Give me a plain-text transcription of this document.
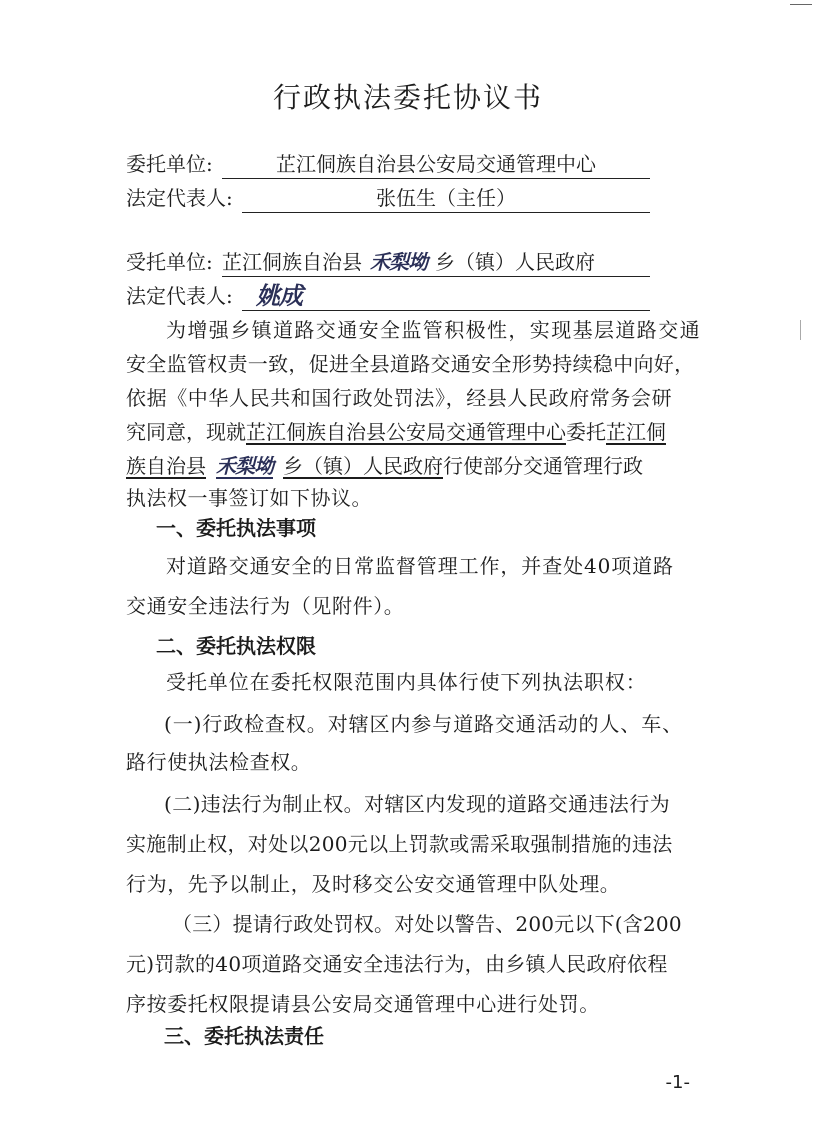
行政执法委托协议书
委托单位:	芷江侗族自治县公安局交通管理中心
法定代表人:	张伍生（主任）
受托单位: 芷江侗族自治县 禾梨坳 乡（镇）人民政府
法定代表人: 姚成
为增强乡镇道路交通安全监管积极性，实现基层道路交通
安全监管权责一致，促进全县道路交通安全形势持续稳中向好，
依据《中华人民共和国行政处罚法》，经县人民政府常务会研
究同意，现就芷江侗族自治县公安局交通管理中心委托芷江侗
族自治县 禾梨坳 乡（镇）人民政府行使部分交通管理行政
执法权一事签订如下协议。
一、委托执法事项
对道路交通安全的日常监督管理工作，并查处40项道路
交通安全违法行为（见附件）。
二、委托执法权限
受托单位在委托权限范围内具体行使下列执法职权：
(一)行政检查权。对辖区内参与道路交通活动的人、车、
路行使执法检查权。
(二)违法行为制止权。对辖区内发现的道路交通违法行为
实施制止权，对处以200元以上罚款或需采取强制措施的违法
行为，先予以制止，及时移交公安交通管理中队处理。
（三）提请行政处罚权。对处以警告、200元以下(含200
元)罚款的40项道路交通安全违法行为，由乡镇人民政府依程
序按委托权限提请县公安局交通管理中心进行处罚。
三、委托执法责任
-1-
